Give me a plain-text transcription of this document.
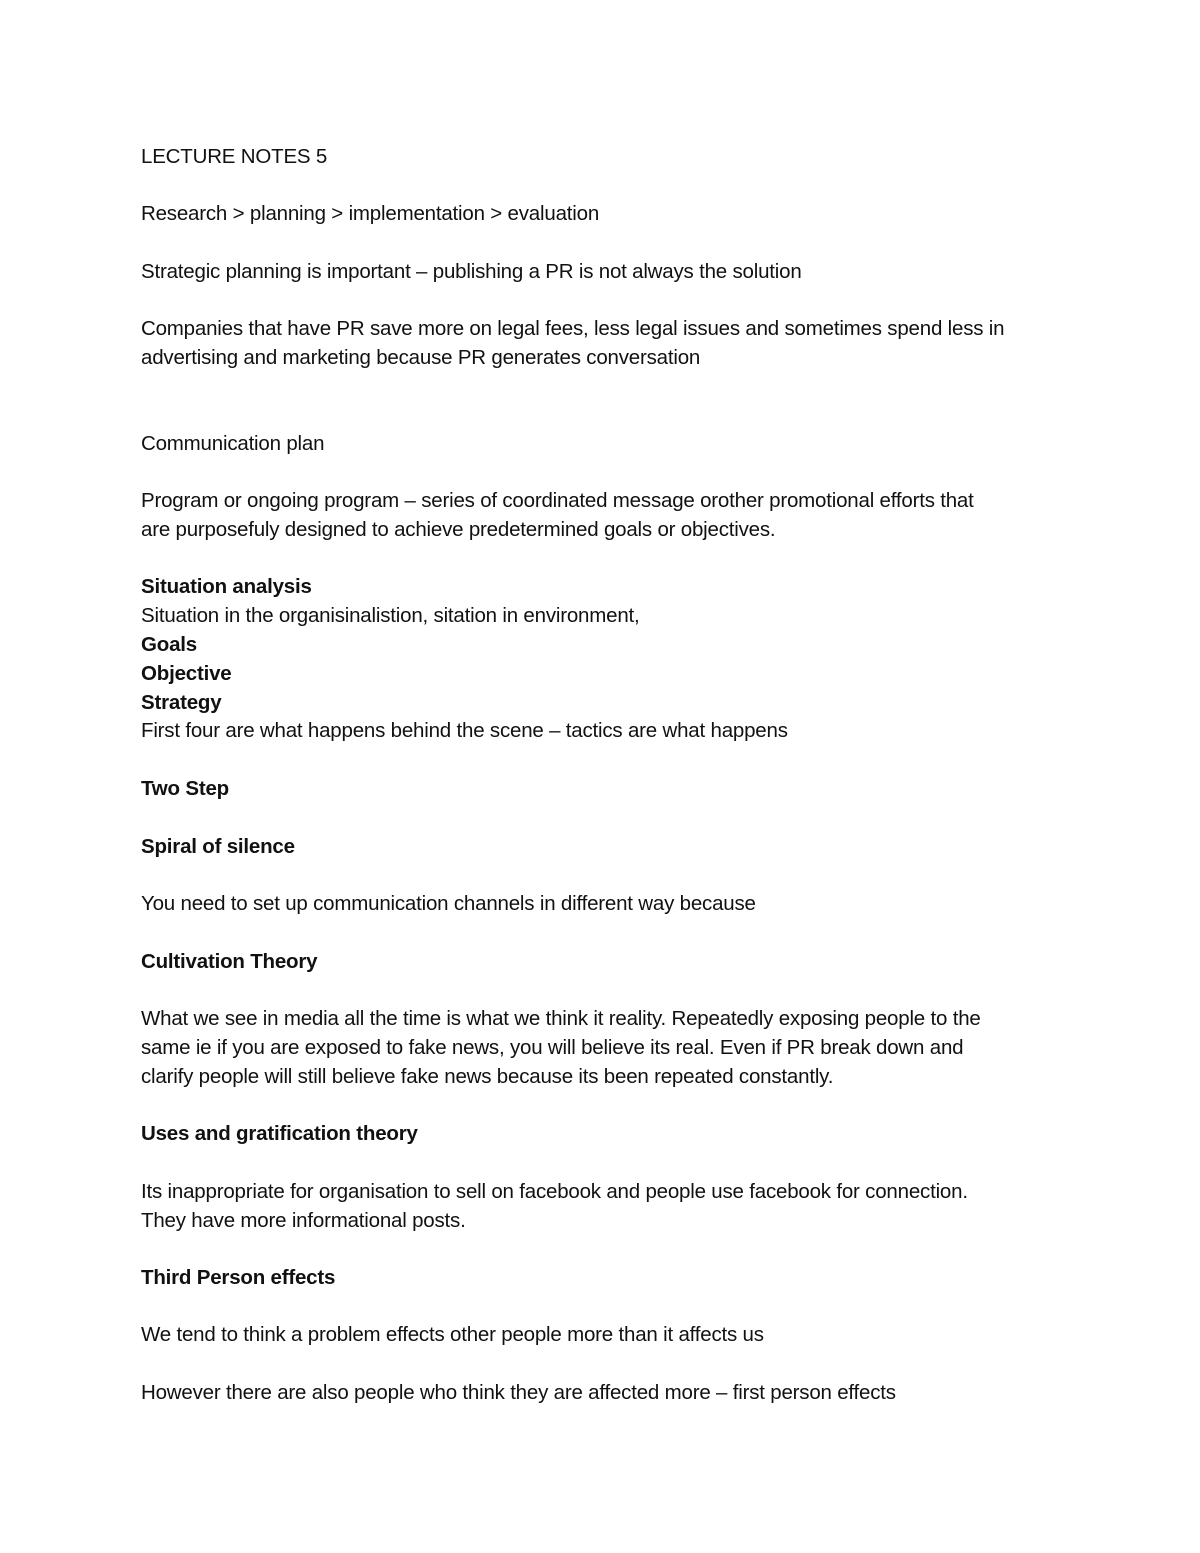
LECTURE NOTES 5

Research > planning > implementation > evaluation

Strategic planning is important – publishing a PR is not always the solution

Companies that have PR save more on legal fees, less legal issues and sometimes spend less in

advertising and marketing because PR generates conversation

Communication plan

Program or ongoing program – series of coordinated message orother promotional efforts that

are purposefuly designed to achieve predetermined goals or objectives.

Situation analysis

Situation in the organisinalistion, sitation in environment,

Goals

Objective

Strategy

First four are what happens behind the scene – tactics are what happens

Two Step

Spiral of silence

You need to set up communication channels in different way because

Cultivation Theory

What we see in media all the time is what we think it reality. Repeatedly exposing people to the

same ie if you are exposed to fake news, you will believe its real. Even if PR break down and

clarify people will still believe fake news because its been repeated constantly.

Uses and gratification theory

Its inappropriate for organisation to sell on facebook and people use facebook for connection.

They have more informational posts.

Third Person effects

We tend to think a problem effects other people more than it affects us

However there are also people who think they are affected more – first person effects
